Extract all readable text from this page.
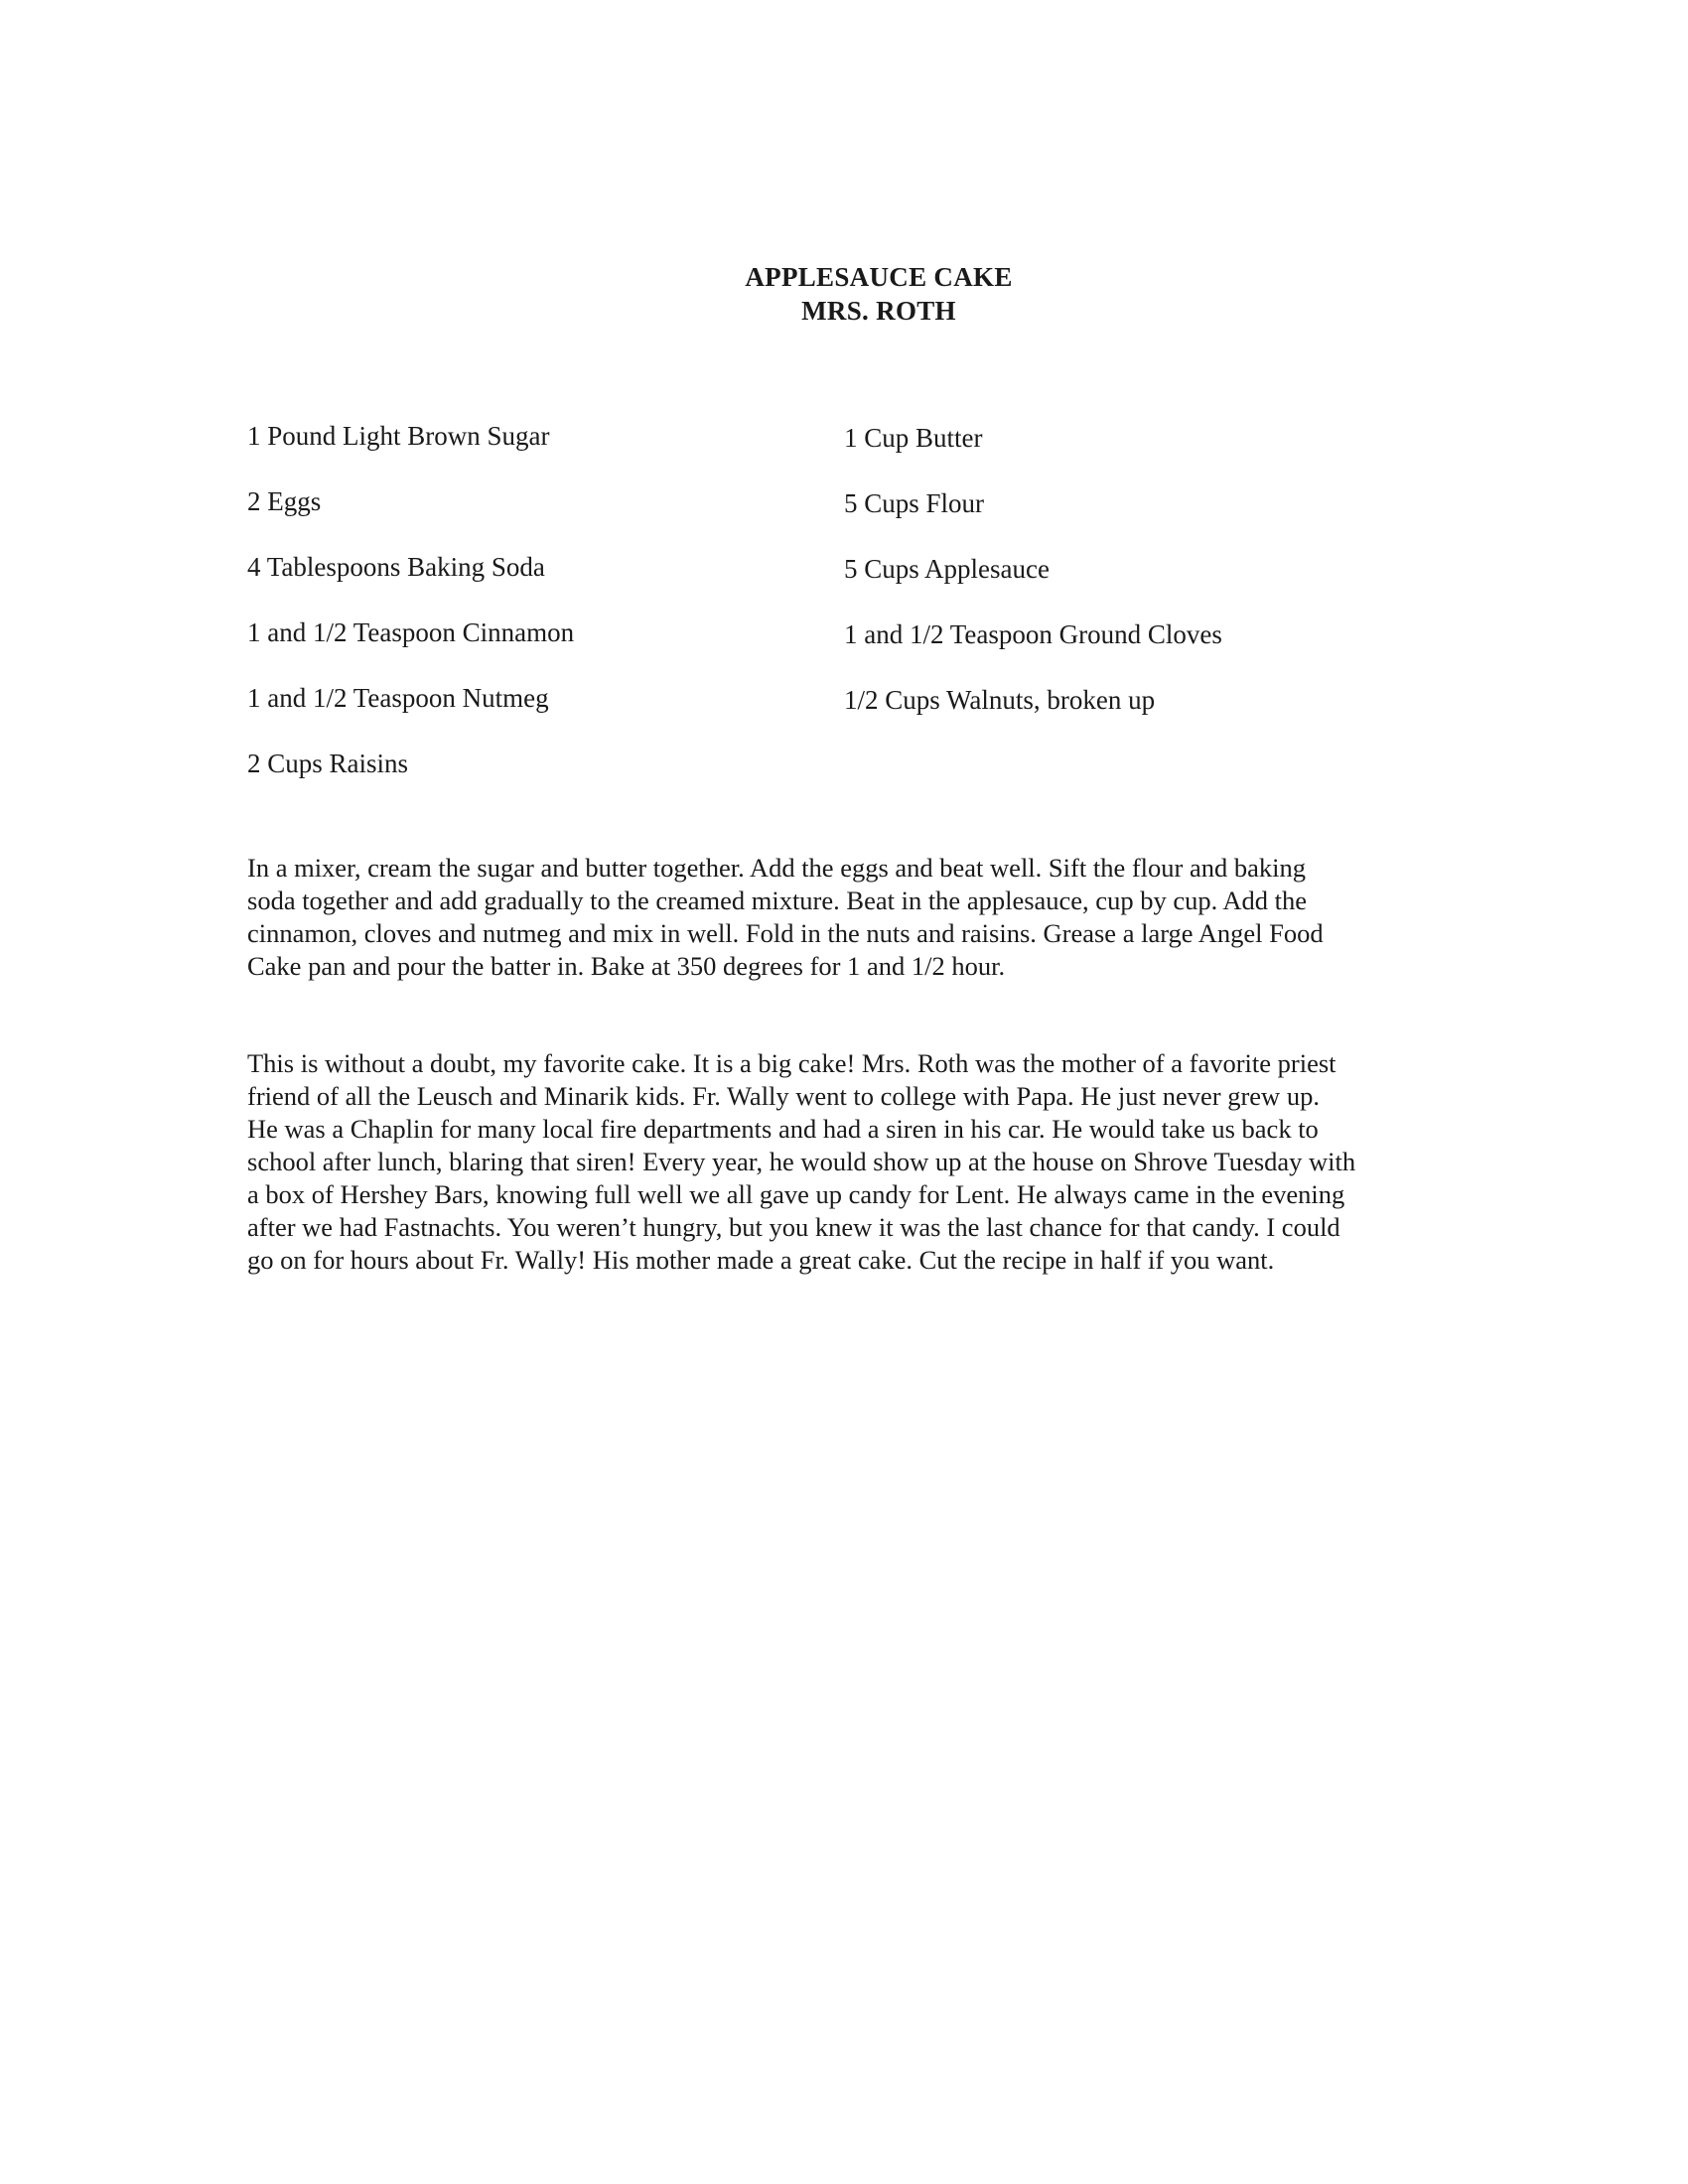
APPLESAUCE CAKE
MRS. ROTH
1 Pound Light Brown Sugar	1 Cup Butter
2 Eggs	5 Cups Flour
4 Tablespoons Baking Soda	5 Cups Applesauce
1 and 1/2 Teaspoon Cinnamon	1 and 1/2 Teaspoon Ground Cloves
1 and 1/2 Teaspoon Nutmeg	1/2 Cups Walnuts, broken up
2 Cups Raisins
In a mixer, cream the sugar and butter together. Add the eggs and beat well. Sift the flour and baking
soda together and add gradually to the creamed mixture. Beat in the applesauce, cup by cup. Add the
cinnamon, cloves and nutmeg and mix in well. Fold in the nuts and raisins. Grease a large Angel Food
Cake pan and pour the batter in. Bake at 350 degrees for 1 and 1/2 hour.
This is without a doubt, my favorite cake. It is a big cake! Mrs. Roth was the mother of a favorite priest
friend of all the Leusch and Minarik kids. Fr. Wally went to college with Papa. He just never grew up.
He was a Chaplin for many local fire departments and had a siren in his car. He would take us back to
school after lunch, blaring that siren! Every year, he would show up at the house on Shrove Tuesday with
a box of Hershey Bars, knowing full well we all gave up candy for Lent. He always came in the evening
after we had Fastnachts. You weren’t hungry, but you knew it was the last chance for that candy. I could
go on for hours about Fr. Wally! His mother made a great cake. Cut the recipe in half if you want.
